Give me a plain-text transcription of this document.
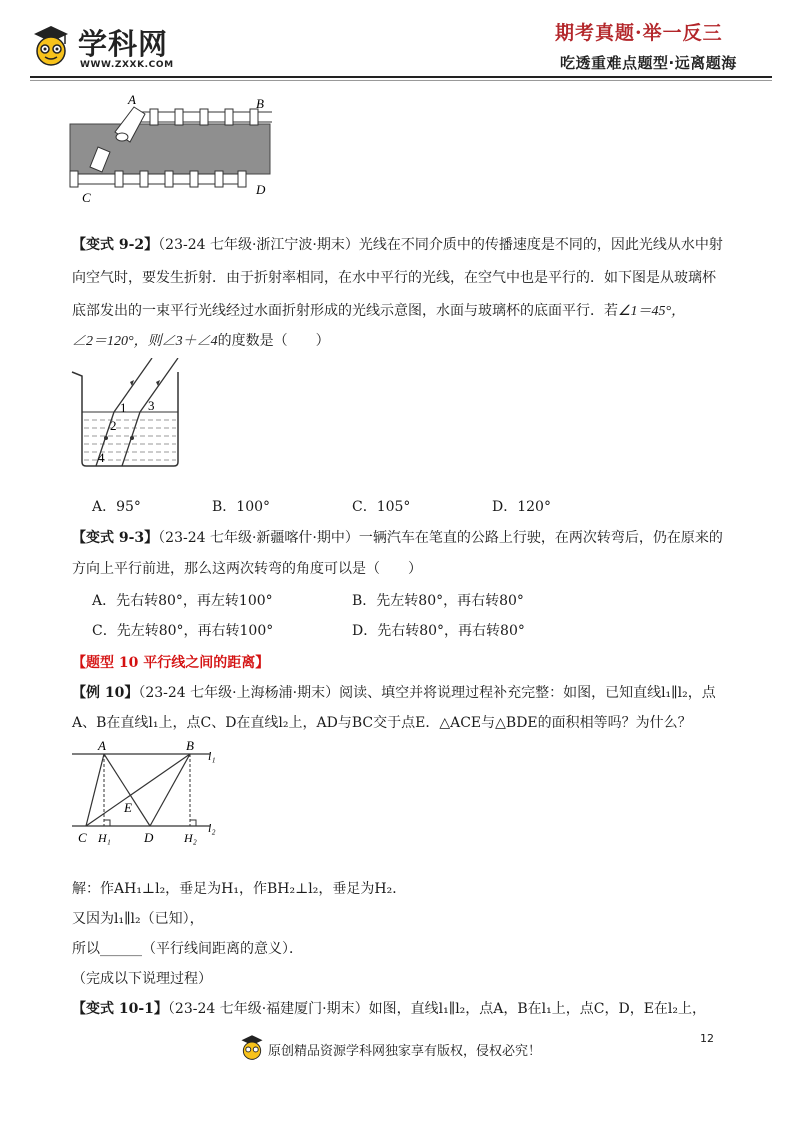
学科网
WWW.ZXXK.COM
期考真题·举一反三
吃透重难点题型·远离题海
A	B
C
D
【变式 9-2】（23-24 七年级·浙江宁波·期末）光线在不同介质中的传播速度是不同的，因此光线从水中射
向空气时，要发生折射．由于折射率相同，在水中平行的光线，在空气中也是平行的．如下图是从玻璃杯
底部发出的一束平行光线经过水面折射形成的光线示意图，水面与玻璃杯的底面平行．若∠1＝45°，
∠2＝120°，则∠3＋∠4的度数是（　　）
1
2
3
4
A．95°	B．100°	C．105°	D．120°
【变式 9-3】（23-24 七年级·新疆喀什·期中）一辆汽车在笔直的公路上行驶，在两次转弯后，仍在原来的
方向上平行前进，那么这两次转弯的角度可以是（　　）
A．先右转80°，再左转100°	B．先左转80°，再右转80°
C．先左转80°，再右转100°	D．先右转80°，再右转80°
【题型 10 平行线之间的距离】
【例 10】（23-24 七年级·上海杨浦·期末）阅读、填空并将说理过程补充完整：如图，已知直线l₁∥l₂，点
A、B在直线l₁上，点C、D在直线l₂上，AD与BC交于点E．△ACE与△BDE的面积相等吗？为什么？
A	B
l₁
E
C H₁	D	H₂
l₂
解：作AH₁⊥l₂，垂足为H₁，作BH₂⊥l₂，垂足为H₂．
又因为l₁∥l₂（已知），
所以______（平行线间距离的意义）．
（完成以下说理过程）
【变式 10-1】（23-24 七年级·福建厦门·期末）如图，直线l₁∥l₂，点A，B在l₁上，点C，D，E在l₂上，
原创精品资源学科网独家享有版权，侵权必究！
12
